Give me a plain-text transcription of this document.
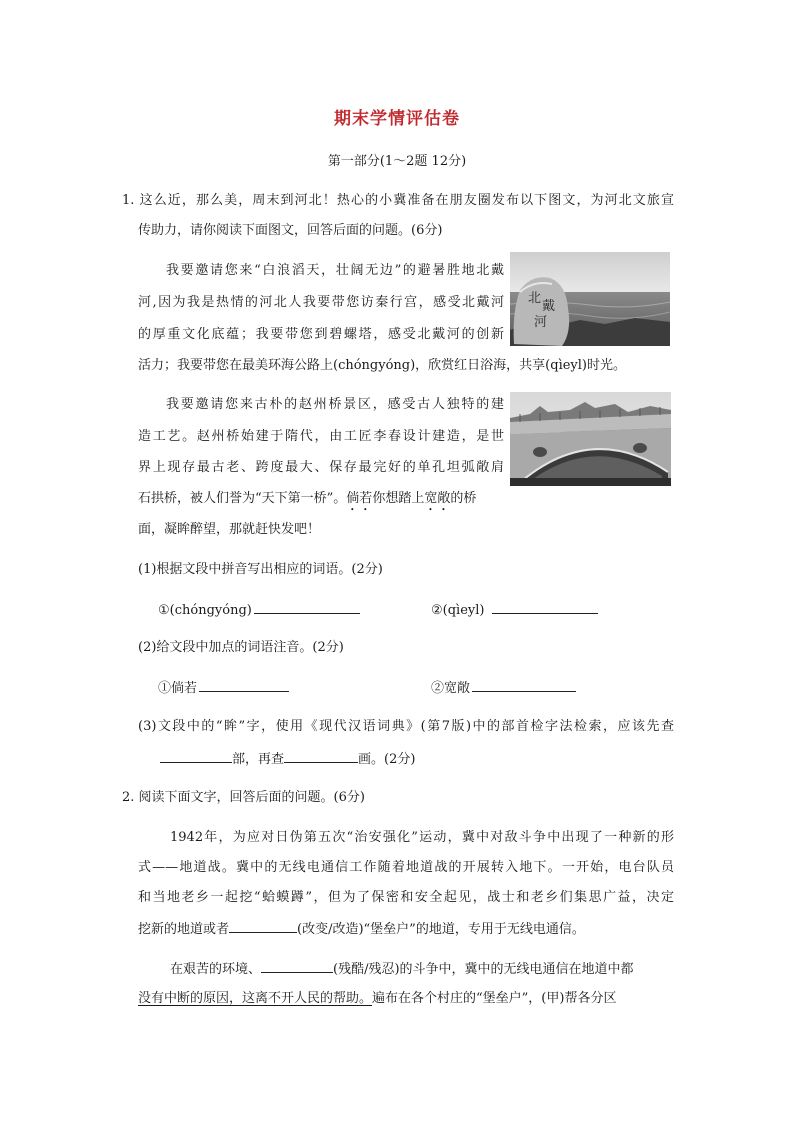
期末学情评估卷
第一部分(1～2题 12分)
1. 这么近，那么美，周末到河北！热心的小冀准备在朋友圈发布以下图文，为河北文旅宣
传助力，请你阅读下面图文，回答后面的问题。(6分)
我要邀请您来“白浪滔天，壮阔无边”的避暑胜地北戴
河,因为我是热情的河北人我要带您访秦行宫，感受北戴河
的厚重文化底蕴；我要带您到碧螺塔，感受北戴河的创新
活力；我要带您在最美环海公路上(chóngyóng)，欣赏红日浴海，共享(qìeyl)时光。
北
戴
河
我要邀请您来古朴的赵州桥景区，感受古人独特的建
造工艺。赵州桥始建于隋代，由工匠李春设计建造，是世
界上现存最古老、跨度最大、保存最完好的单孔坦弧敞肩
石拱桥，被人们誉为“天下第一桥”。倘若你想踏上宽敞的桥
面，凝眸醉望，那就赶快发吧！
(1)根据文段中拼音写出相应的词语。(2分)
①(chóngyóng)	②(qìeyl)
(2)给文段中加点的词语注音。(2分)
①倘若	②宽敞
(3)文段中的“眸”字，使用《现代汉语词典》(第7版)中的部首检字法检索，应该先查
部，再查	画。(2分)
2. 阅读下面文字，回答后面的问题。(6分)
1942年，为应对日伪第五次“治安强化”运动，冀中对敌斗争中出现了一种新的形
式——地道战。冀中的无线电通信工作随着地道战的开展转入地下。一开始，电台队员
和当地老乡一起挖“蛤蟆蹲”，但为了保密和安全起见，战士和老乡们集思广益，决定
挖新的地道或者	(改变/改造)“堡垒户”的地道，专用于无线电通信。
在艰苦的环境、	(残酷/残忍)的斗争中，冀中的无线电通信在地道中都
没有中断的原因，这离不开人民的帮助。遍布在各个村庄的“堡垒户”，(甲)帮各分区
